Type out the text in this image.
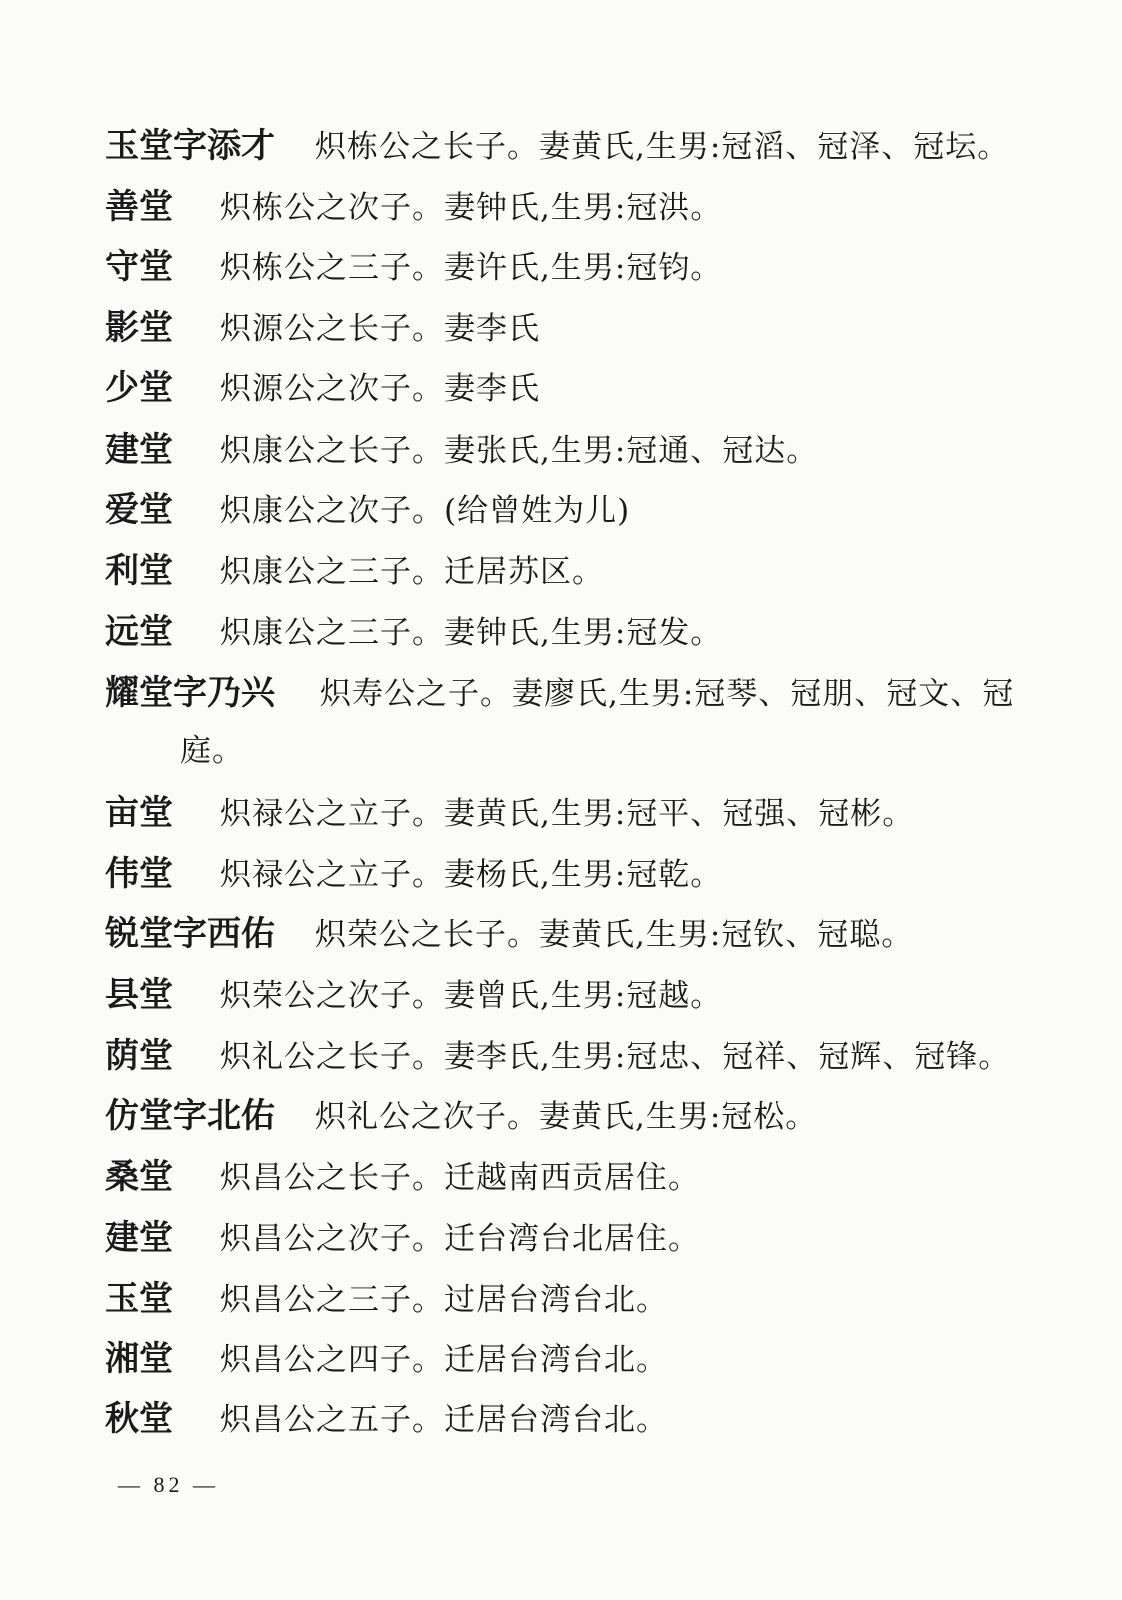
玉堂字添才 炽栋公之长子。妻黄氏,生男:冠滔、冠泽、冠坛。
善堂 炽栋公之次子。妻钟氏,生男:冠洪。
守堂 炽栋公之三子。妻许氏,生男:冠钧。
影堂 炽源公之长子。妻李氏
少堂 炽源公之次子。妻李氏
建堂 炽康公之长子。妻张氏,生男:冠通、冠达。
爱堂 炽康公之次子。(给曾姓为儿)
利堂 炽康公之三子。迁居苏区。
远堂 炽康公之三子。妻钟氏,生男:冠发。
耀堂字乃兴 炽寿公之子。妻廖氏,生男:冠琴、冠朋、冠文、冠
庭。
亩堂 炽禄公之立子。妻黄氏,生男:冠平、冠强、冠彬。
伟堂 炽禄公之立子。妻杨氏,生男:冠乾。
锐堂字西佑 炽荣公之长子。妻黄氏,生男:冠钦、冠聪。
县堂 炽荣公之次子。妻曾氏,生男:冠越。
荫堂 炽礼公之长子。妻李氏,生男:冠忠、冠祥、冠辉、冠锋。
仿堂字北佑 炽礼公之次子。妻黄氏,生男:冠松。
桑堂 炽昌公之长子。迁越南西贡居住。
建堂 炽昌公之次子。迁台湾台北居住。
玉堂 炽昌公之三子。过居台湾台北。
湘堂 炽昌公之四子。迁居台湾台北。
秋堂 炽昌公之五子。迁居台湾台北。
— 82 —
